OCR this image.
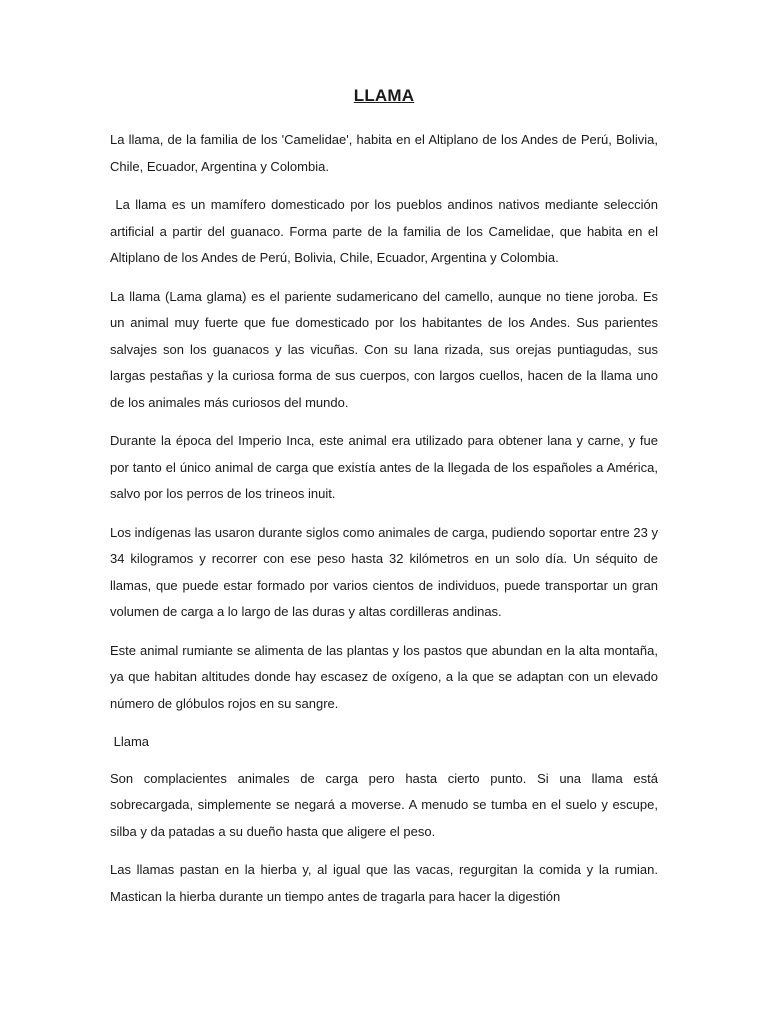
LLAMA

La llama, de la familia de los 'Camelidae', habita en el Altiplano de los Andes de Perú, Bolivia, Chile, Ecuador, Argentina y Colombia.

La llama es un mamífero domesticado por los pueblos andinos nativos mediante selección artificial a partir del guanaco. Forma parte de la familia de los Camelidae, que habita en el Altiplano de los Andes de Perú, Bolivia, Chile, Ecuador, Argentina y Colombia.

La llama (Lama glama) es el pariente sudamericano del camello, aunque no tiene joroba. Es un animal muy fuerte que fue domesticado por los habitantes de los Andes. Sus parientes salvajes son los guanacos y las vicuñas. Con su lana rizada, sus orejas puntiagudas, sus largas pestañas y la curiosa forma de sus cuerpos, con largos cuellos, hacen de la llama uno de los animales más curiosos del mundo.

Durante la época del Imperio Inca, este animal era utilizado para obtener lana y carne, y fue por tanto el único animal de carga que existía antes de la llegada de los españoles a América, salvo por los perros de los trineos inuit.

Los indígenas las usaron durante siglos como animales de carga, pudiendo soportar entre 23 y 34 kilogramos y recorrer con ese peso hasta 32 kilómetros en un solo día. Un séquito de llamas, que puede estar formado por varios cientos de individuos, puede transportar un gran volumen de carga a lo largo de las duras y altas cordilleras andinas.

Este animal rumiante se alimenta de las plantas y los pastos que abundan en la alta montaña, ya que habitan altitudes donde hay escasez de oxígeno, a la que se adaptan con un elevado número de glóbulos rojos en su sangre.

Llama

Son complacientes animales de carga pero hasta cierto punto. Si una llama está sobrecargada, simplemente se negará a moverse. A menudo se tumba en el suelo y escupe, silba y da patadas a su dueño hasta que aligere el peso.

Las llamas pastan en la hierba y, al igual que las vacas, regurgitan la comida y la rumian. Mastican la hierba durante un tiempo antes de tragarla para hacer la digestión
